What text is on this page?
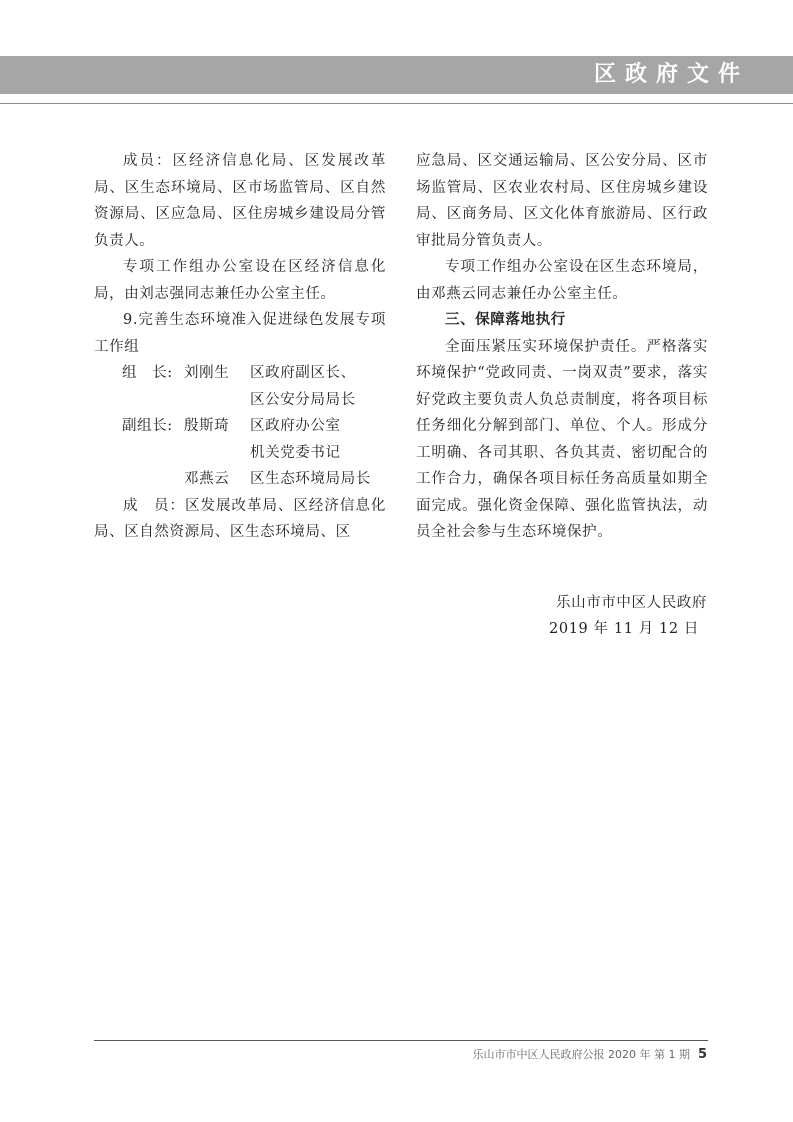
区政府文件

成员：区经济信息化局、区发展改革局、区生态环境局、区市场监管局、区自然资源局、区应急局、区住房城乡建设局分管负责人。

专项工作组办公室设在区经济信息化局，由刘志强同志兼任办公室主任。

9.完善生态环境准入促进绿色发展专项工作组

组　长: 刘刚生	区政府副区长、
区公安分局局长
副组长: 殷斯琦	区政府办公室
机关党委书记
邓燕云	区生态环境局局长

成　员：区发展改革局、区经济信息化局、区自然资源局、区生态环境局、区

应急局、区交通运输局、区公安分局、区市场监管局、区农业农村局、区住房城乡建设局、区商务局、区文化体育旅游局、区行政审批局分管负责人。

专项工作组办公室设在区生态环境局，由邓燕云同志兼任办公室主任。

三、保障落地执行

全面压紧压实环境保护责任。严格落实环境保护“党政同责、一岗双责”要求，落实好党政主要负责人负总责制度，将各项目标任务细化分解到部门、单位、个人。形成分工明确、各司其职、各负其责、密切配合的工作合力，确保各项目标任务高质量如期全面完成。强化资金保障、强化监管执法，动员全社会参与生态环境保护。

乐山市市中区人民政府
2019 年 11 月 12 日
乐山市市中区人民政府公报 2020 年 第 1 期 5
